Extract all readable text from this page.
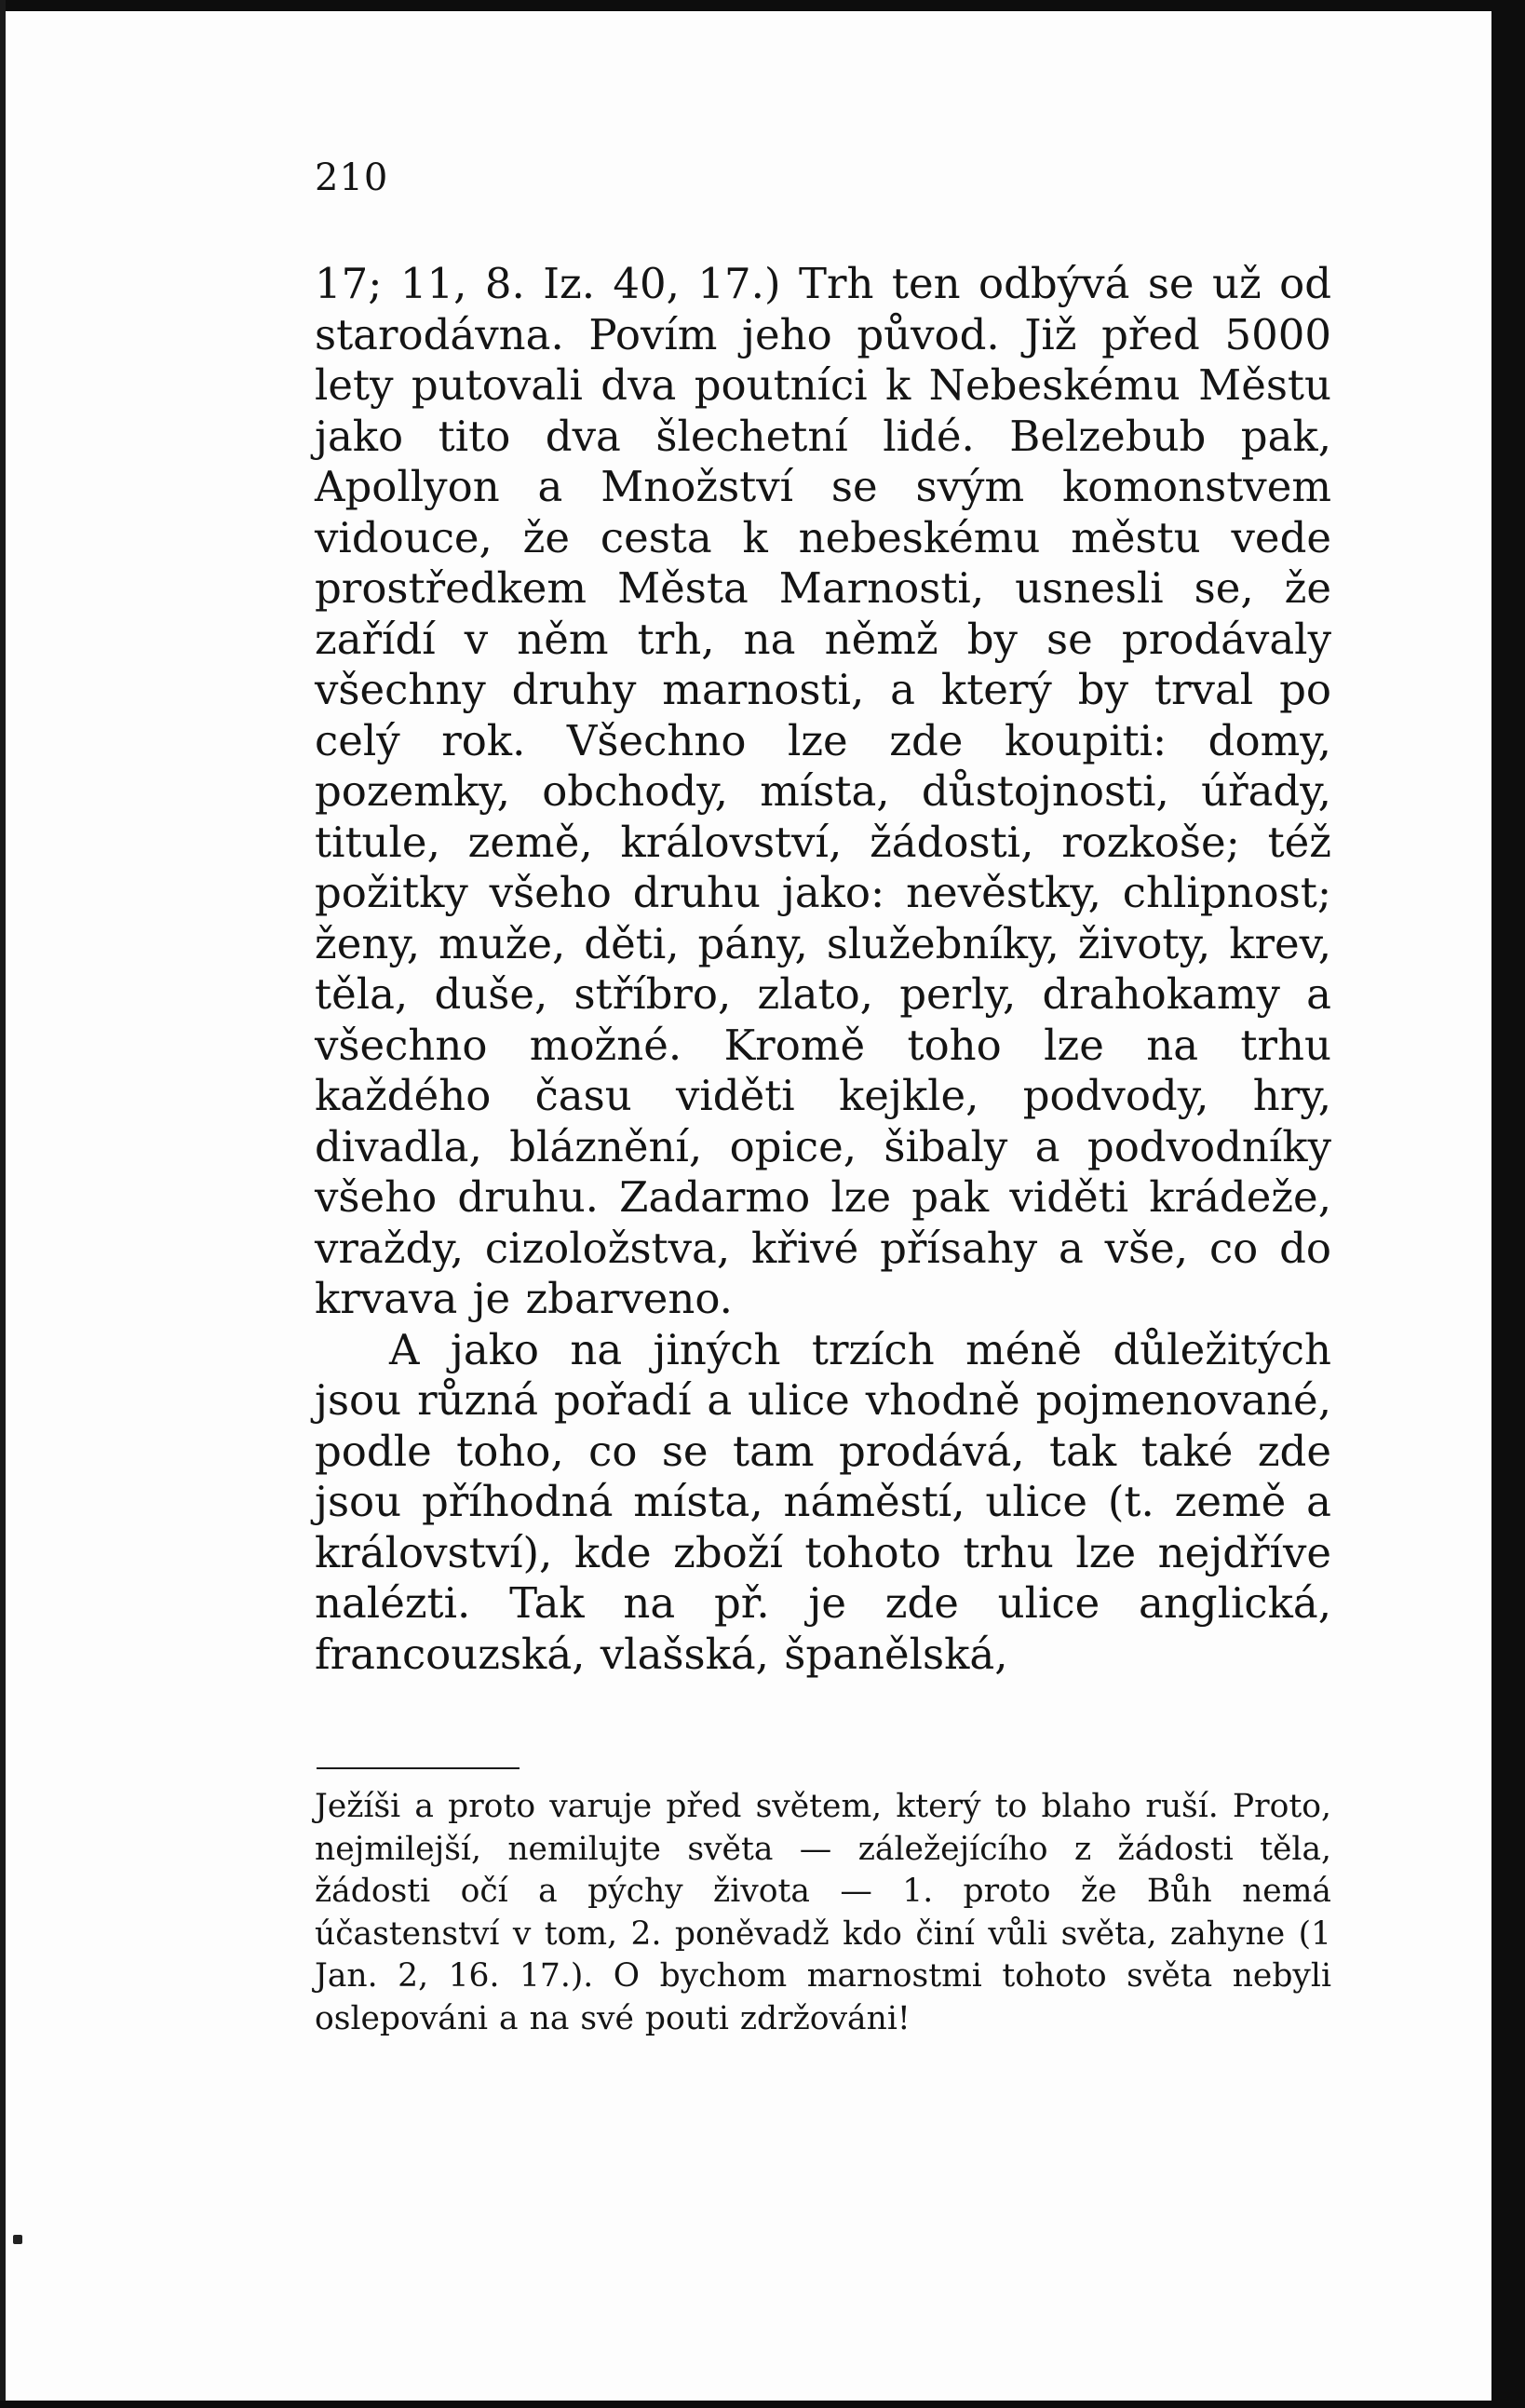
210

17; 11, 8. Iz. 40, 17.) Trh ten odbývá se už od starodávna. Povím jeho původ. Již před 5000 lety putovali dva poutníci k Nebeskému Městu jako tito dva šlechetní lidé. Belzebub pak, Apollyon a Množství se svým komonstvem vidouce, že cesta k nebeskému městu vede prostředkem Města Marnosti, usnesli se, že zařídí v něm trh, na němž by se prodávaly všechny druhy marnosti, a který by trval po celý rok. Všechno lze zde koupiti: domy, pozemky, obchody, místa, důstojnosti, úřady, titule, země, království, žádosti, rozkoše; též požitky všeho druhu jako: nevěstky, chlipnost; ženy, muže, děti, pány, služebníky, životy, krev, těla, duše, stříbro, zlato, perly, drahokamy a všechno možné. Kromě toho lze na trhu každého času viděti kejkle, podvody, hry, divadla, bláznění, opice, šibaly a podvodníky všeho druhu. Zadarmo lze pak viděti krádeže, vraždy, cizoložstva, křivé přísahy a vše, co do krvava je zbarveno.

A jako na jiných trzích méně důležitých jsou různá pořadí a ulice vhodně pojmenované, podle toho, co se tam prodává, tak také zde jsou příhodná místa, náměstí, ulice (t. země a království), kde zboží tohoto trhu lze nejdříve nalézti. Tak na př. je zde ulice anglická, francouzská, vlašská, španělská,

Ježíši a proto varuje před světem, který to blaho ruší. Proto, nejmilejší, nemilujte světa — záležejícího z žádosti těla, žádosti očí a pýchy života — 1. proto že Bůh nemá účastenství v tom, 2. poněvadž kdo činí vůli světa, zahyne (1 Jan. 2, 16. 17.). O bychom marnostmi tohoto světa nebyli oslepováni a na své pouti zdržováni!
